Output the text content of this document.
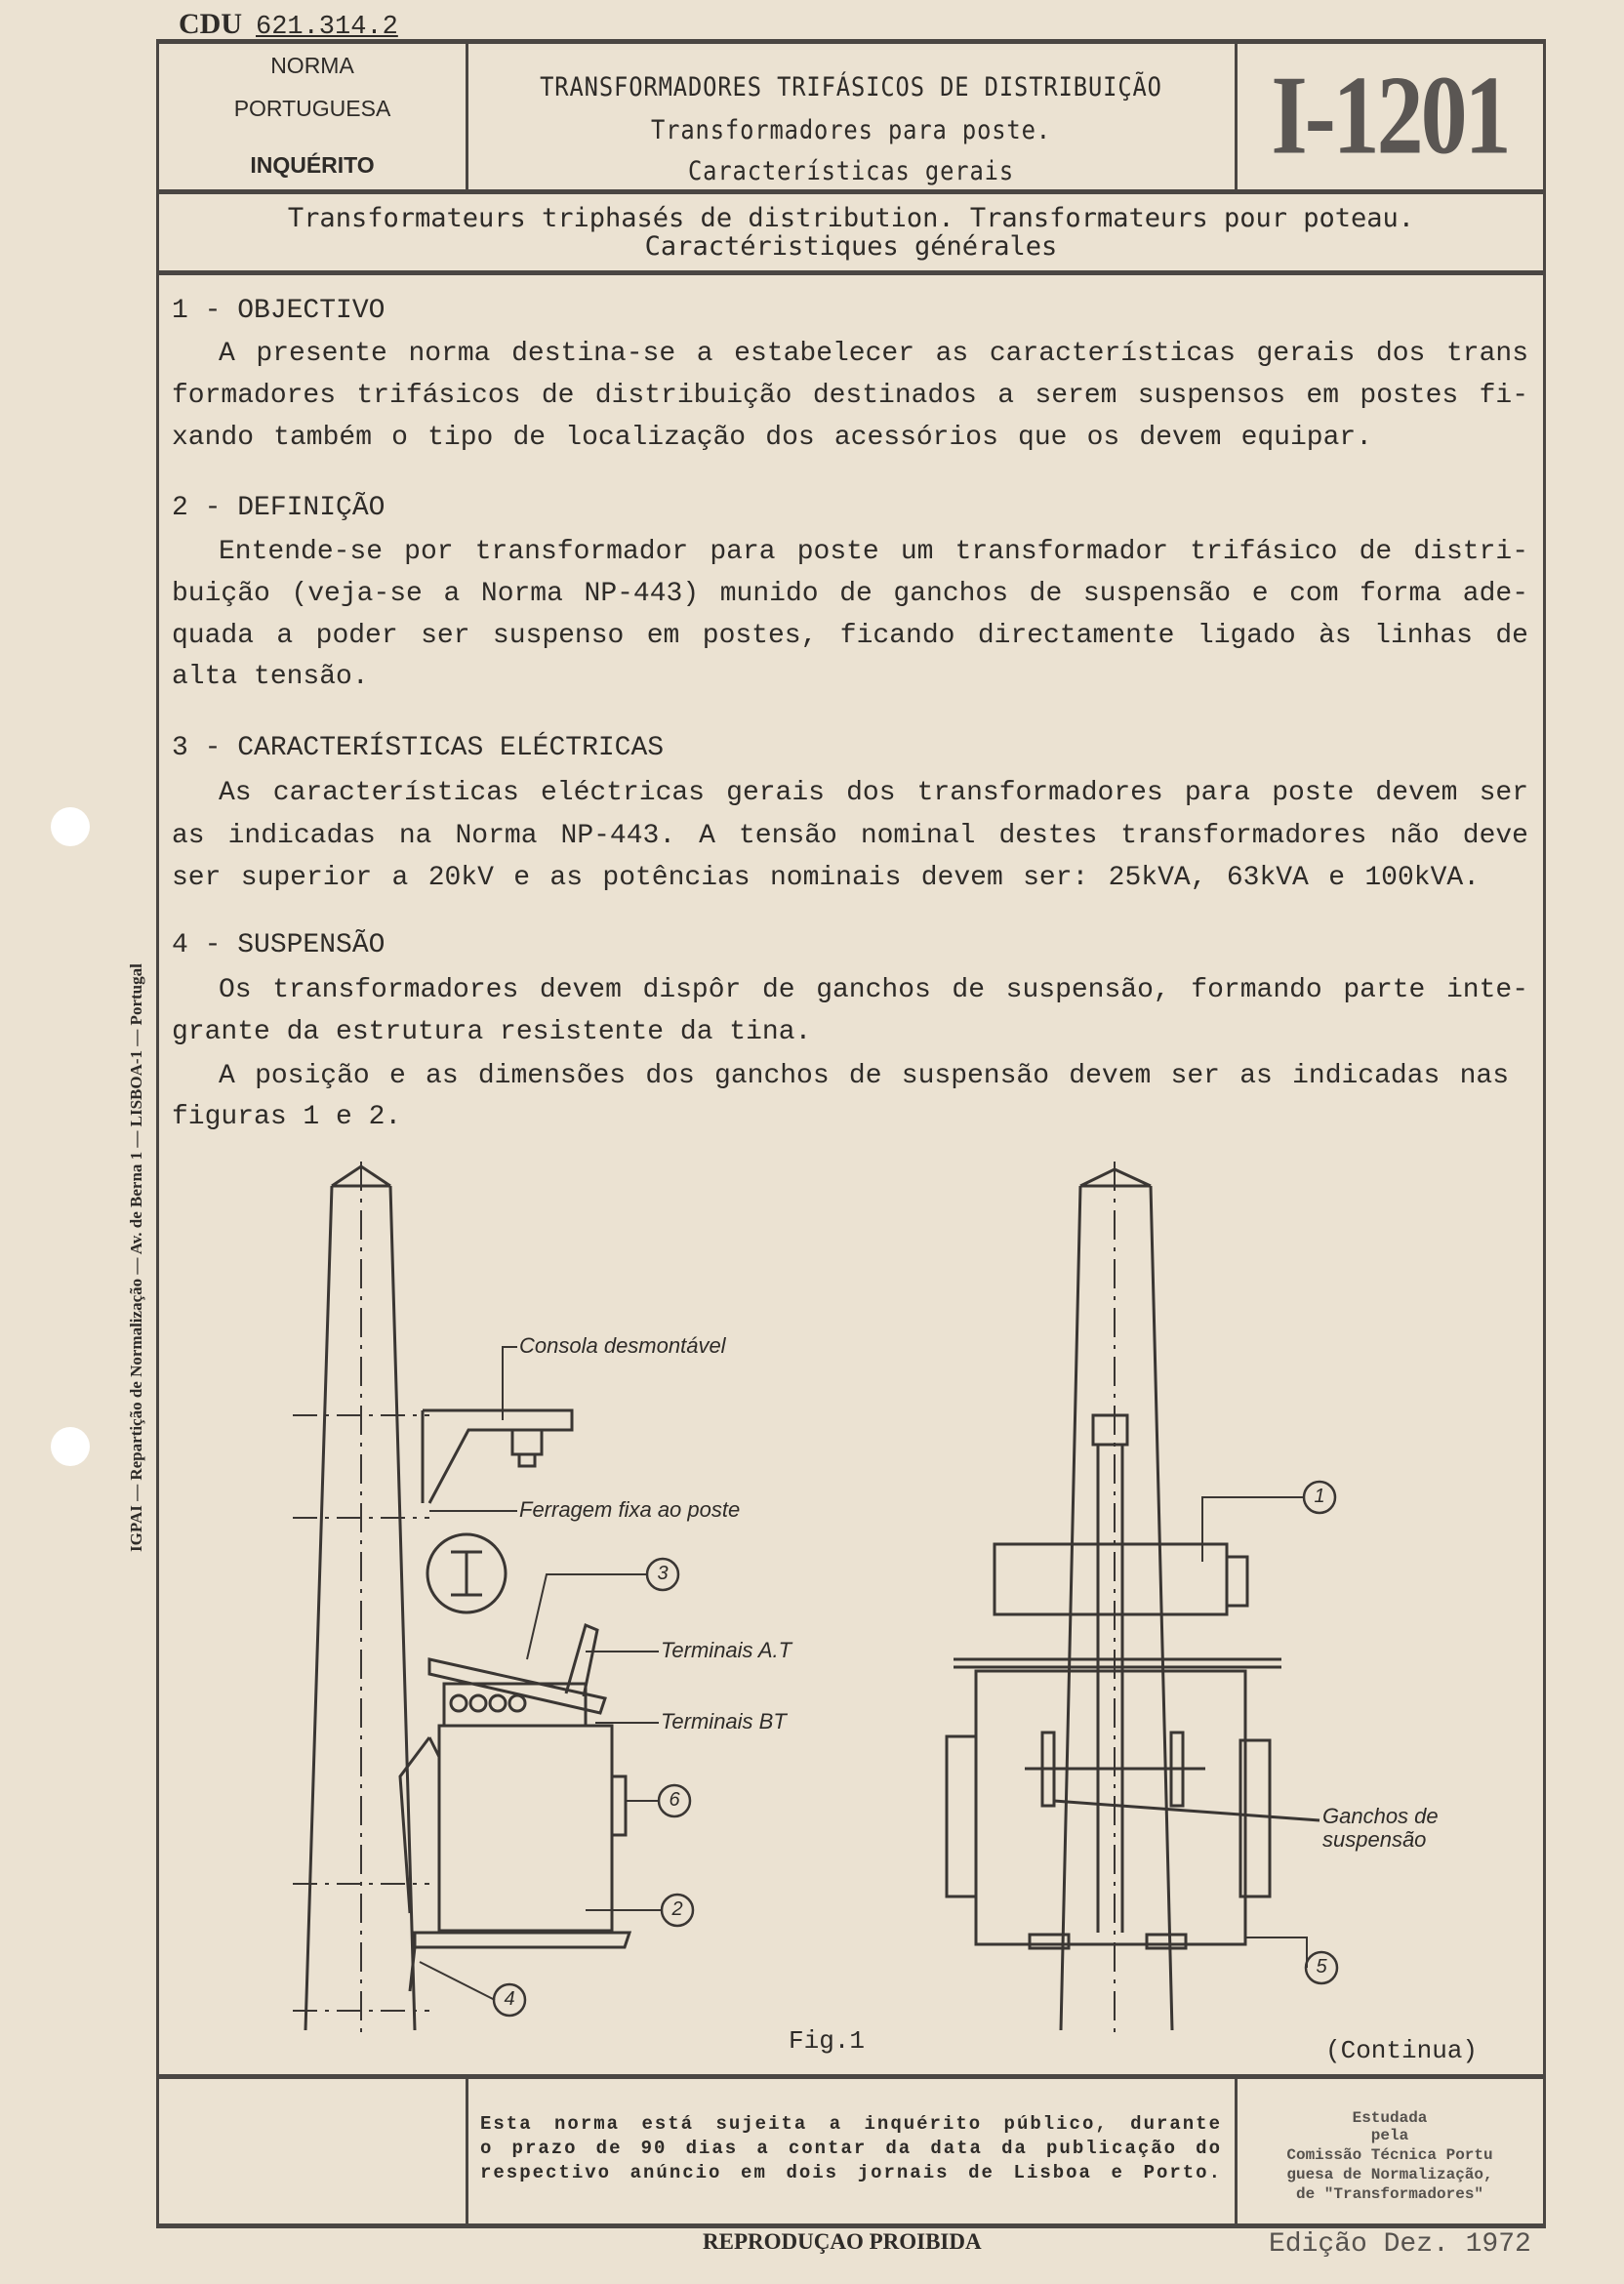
CDU 621.314.2
NORMA
PORTUGUESA
INQUÉRITO
TRANSFORMADORES TRIFÁSICOS DE DISTRIBUIÇÃO
Transformadores para poste.
Características gerais	I-1201
Transformateurs triphasés de distribution. Transformateurs pour poteau.
Caractéristiques générales
1 - OBJECTIVO
A presente norma destina-se a estabelecer as características gerais dos trans
formadores trifásicos de distribuição destinados a serem suspensos em postes fi-
xando também o tipo de localização dos acessórios que os devem equipar.
2 - DEFINIÇÃO
Entende-se por transformador para poste um transformador trifásico de distri-
buição (veja-se a Norma NP-443) munido de ganchos de suspensão e com forma ade-
quada a poder ser suspenso em postes, ficando directamente ligado às linhas de
alta tensão.
3 - CARACTERÍSTICAS ELÉCTRICAS
As características eléctricas gerais dos transformadores para poste devem ser
as indicadas na Norma NP-443. A tensão nominal destes transformadores não deve
ser superior a 20kV e as potências nominais devem ser: 25kVA, 63kVA e 100kVA.
4 - SUSPENSÃO
Os transformadores devem dispôr de ganchos de suspensão, formando parte inte-
grante da estrutura resistente da tina.
A posição e as dimensões dos ganchos de suspensão devem ser as indicadas nas
figuras 1 e 2.
Consola desmontável
Ferragem fixa ao poste
Terminais A.T
Terminais BT
Ganchos de
suspensão
3
6
2
4
1
5
Fig.1	(Continua)
Esta norma está sujeita a inquérito público, durante
o prazo de 90 dias a contar da data da publicação do
respectivo anúncio em dois jornais de Lisboa e Porto.
Estudada
pela
Comissão Técnica Portu
guesa de Normalização,
de "Transformadores"
REPRODUÇAO PROIBIDA	Edição Dez. 1972
IGPAI — Repartição de Normalização — Av. de Berna 1 — LISBOA-1 — Portugal
